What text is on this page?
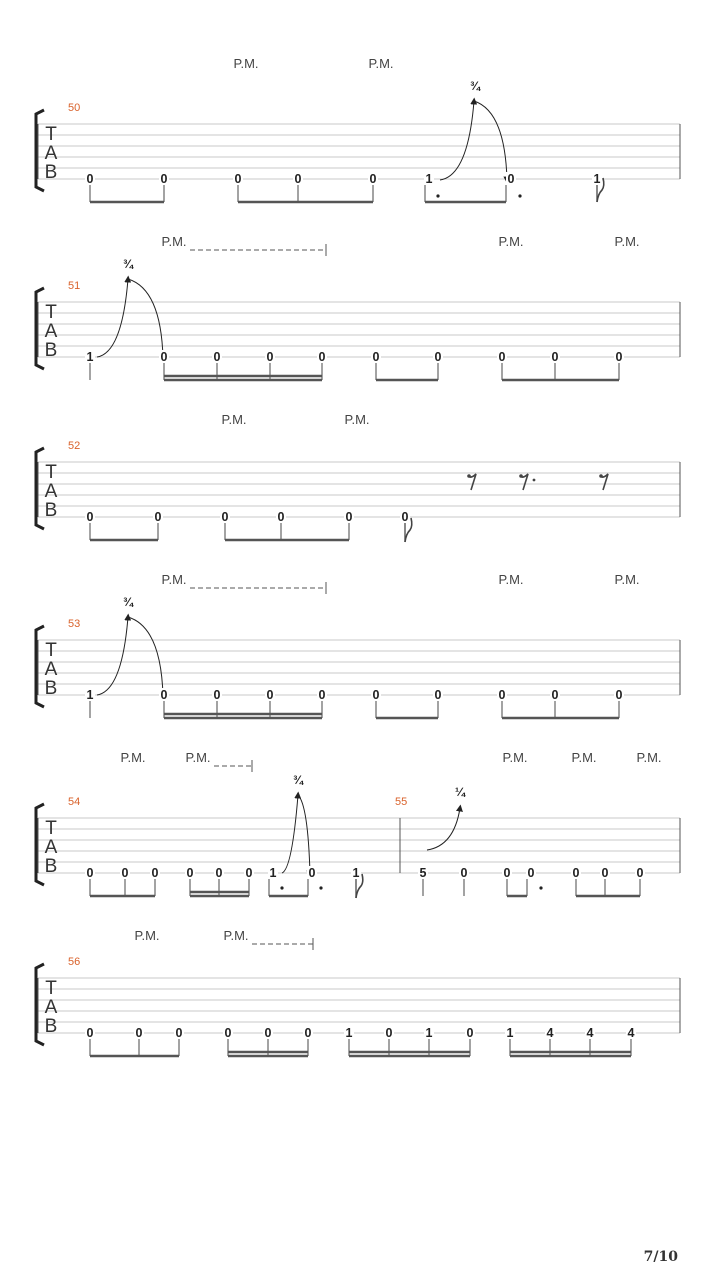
T
A
B
50
P.M.	P.M.
¾
0	0	0	0	0	1	0	1
T
A
B
51
P.M.	P.M.	P.M.
¾
1	0	0	0	0	0	0	0	0	0
T
A
B
52
P.M.	P.M.
0	0	0	0	0	0
T
A
B
53
P.M.	P.M.	P.M.
¾
1	0	0	0	0	0	0	0	0	0
T
A
B
54	55
P.M.	P.M.	P.M.	P.M.	P.M.
¾
¼
0 0 0 0 0 0 1	0	1	5	0	0 0	0 0 0
T
A
B
56
P.M.	P.M.
0	0	0	0	0	0	1	0	1	0	1	4	4	4
7/10
